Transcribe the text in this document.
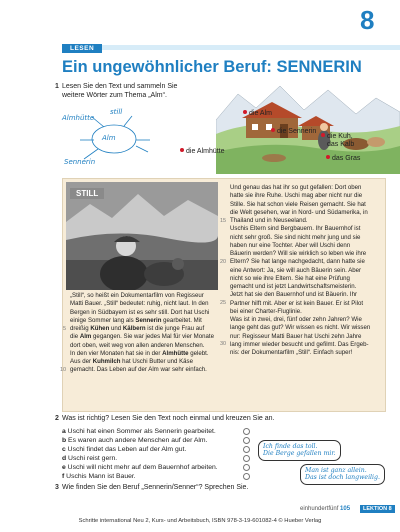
8
LESEN
Ein ungewöhnlicher Beruf: SENNERIN
1 Lesen Sie den Text und sammeln Sie
weitere Wörter zum Thema „Alm“.
Alm
Almhütte
still
Sennerin
die Alm
die Sennerin
die Kuh,
das Kalb
die Almhütte
das Gras
STILL

„Still“, so heißt ein Dokumentarfilm von Regisseur

Matti Bauer. „Still“ bedeutet: ruhig, nicht laut. In den

Bergen in Südbayern ist es sehr still. Dort hat Uschi

einige Sommer lang als Sennerin gearbeitet. Mit

dreißig Kühen und Kälbern ist die junge Frau auf

die Alm gegangen. Sie war jedes Mal für vier Monate

dort oben, weit weg von allen anderen Menschen.

In den vier Monaten hat sie in der Almhütte gelebt.

Aus der Kuhmilch hat Uschi Butter und Käse

gemacht. Das Leben auf der Alm war sehr einfach.

5
10

Und genau das hat ihr so gut gefallen: Dort oben

hatte sie ihre Ruhe. Uschi mag aber nicht nur die

Stille. Sie hat schon viele Reisen gemacht. Sie hat

die Welt gesehen, war in Nord- und Südamerika, in

Thailand und in Neuseeland.

Uschis Eltern sind Bergbauern. Ihr Bauernhof ist

nicht sehr groß. Sie sind nicht mehr jung und sie

haben nur eine Tochter. Aber will Uschi denn

Bäuerin werden? Will sie wirklich so leben wie ihre

Eltern? Sie hat lange nachgedacht, dann hatte sie

eine Antwort: Ja, sie will auch Bäuerin sein. Aber

nicht so wie ihre Eltern. Sie hat eine Prüfung

gemacht und ist jetzt Landwirtschaftsmeisterin.

Jetzt hat sie den Bauernhof und ist Bäuerin. Ihr

Partner hilft mit. Aber er ist kein Bauer. Er ist Pilot

bei einer Charter-Fluglinie.

Was ist in zwei, drei, fünf oder zehn Jahren? Wie

lange geht das gut? Wir wissen es nicht. Wir wissen

nur: Regisseur Matti Bauer hat Uschi zehn Jahre

lang immer wieder besucht und gefilmt. Das Ergeb-

nis: der Dokumentarfilm „Still“. Einfach super!

15
20
25
30
2 Was ist richtig? Lesen Sie den Text noch einmal und kreuzen Sie an.
a Uschi hat einen Sommer als Sennerin gearbeitet.
b Es waren auch andere Menschen auf der Alm.
c Uschi findet das Leben auf der Alm gut.
d Uschi reist gern.
e Uschi will nicht mehr auf dem Bauernhof arbeiten.
f Uschis Mann ist Bauer.
Ich finde das toll.
Die Berge gefallen mir.
Man ist ganz allein.
Das ist doch langweilig.
3 Wie finden Sie den Beruf „Sennerin/Senner“? Sprechen Sie.
einhundertfünf 105	LEKTION 8
Schritte international Neu 2, Kurs- und Arbeitsbuch, ISBN 978-3-19-601082-4 © Hueber Verlag
